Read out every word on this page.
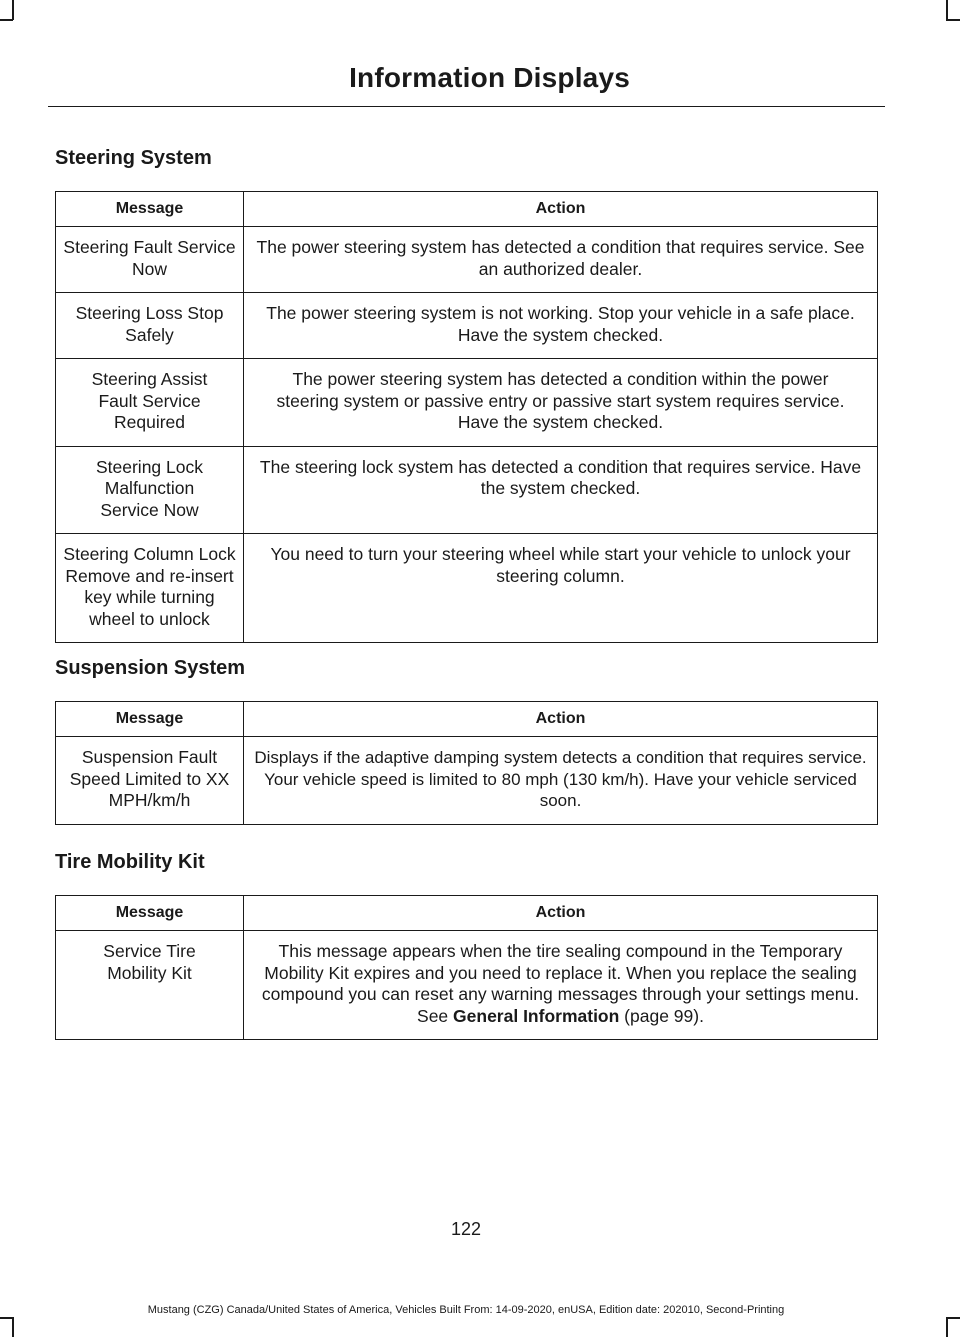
Information Displays
Steering System
Message	Action
Steering Fault Service Now	The power steering system has detected a condition that requires service. See an authorized dealer.
Steering Loss Stop Safely	The power steering system is not working. Stop your vehicle in a safe place. Have the system checked.
Steering Assist Fault Service Required	The power steering system has detected a condition within the power steering system or passive entry or passive start system requires service. Have the system checked.
Steering Lock Malfunction Service Now	The steering lock system has detected a condition that requires service. Have the system checked.
Steering Column Lock Remove and re-insert key while turning wheel to unlock	You need to turn your steering wheel while start your vehicle to unlock your steering column.
Suspension System
Message	Action
Suspension Fault Speed Limited to XX MPH/km/h	Displays if the adaptive damping system detects a condition that requires service. Your vehicle speed is limited to 80 mph (130 km/h). Have your vehicle serviced soon.
Tire Mobility Kit
Message	Action
Service Tire Mobility Kit	This message appears when the tire sealing compound in the Temporary Mobility Kit expires and you need to replace it. When you replace the sealing compound you can reset any warning messages through your settings menu. See General Information (page 99).
122
Mustang (CZG) Canada/United States of America, Vehicles Built From: 14-09-2020, enUSA, Edition date: 202010, Second-Printing
